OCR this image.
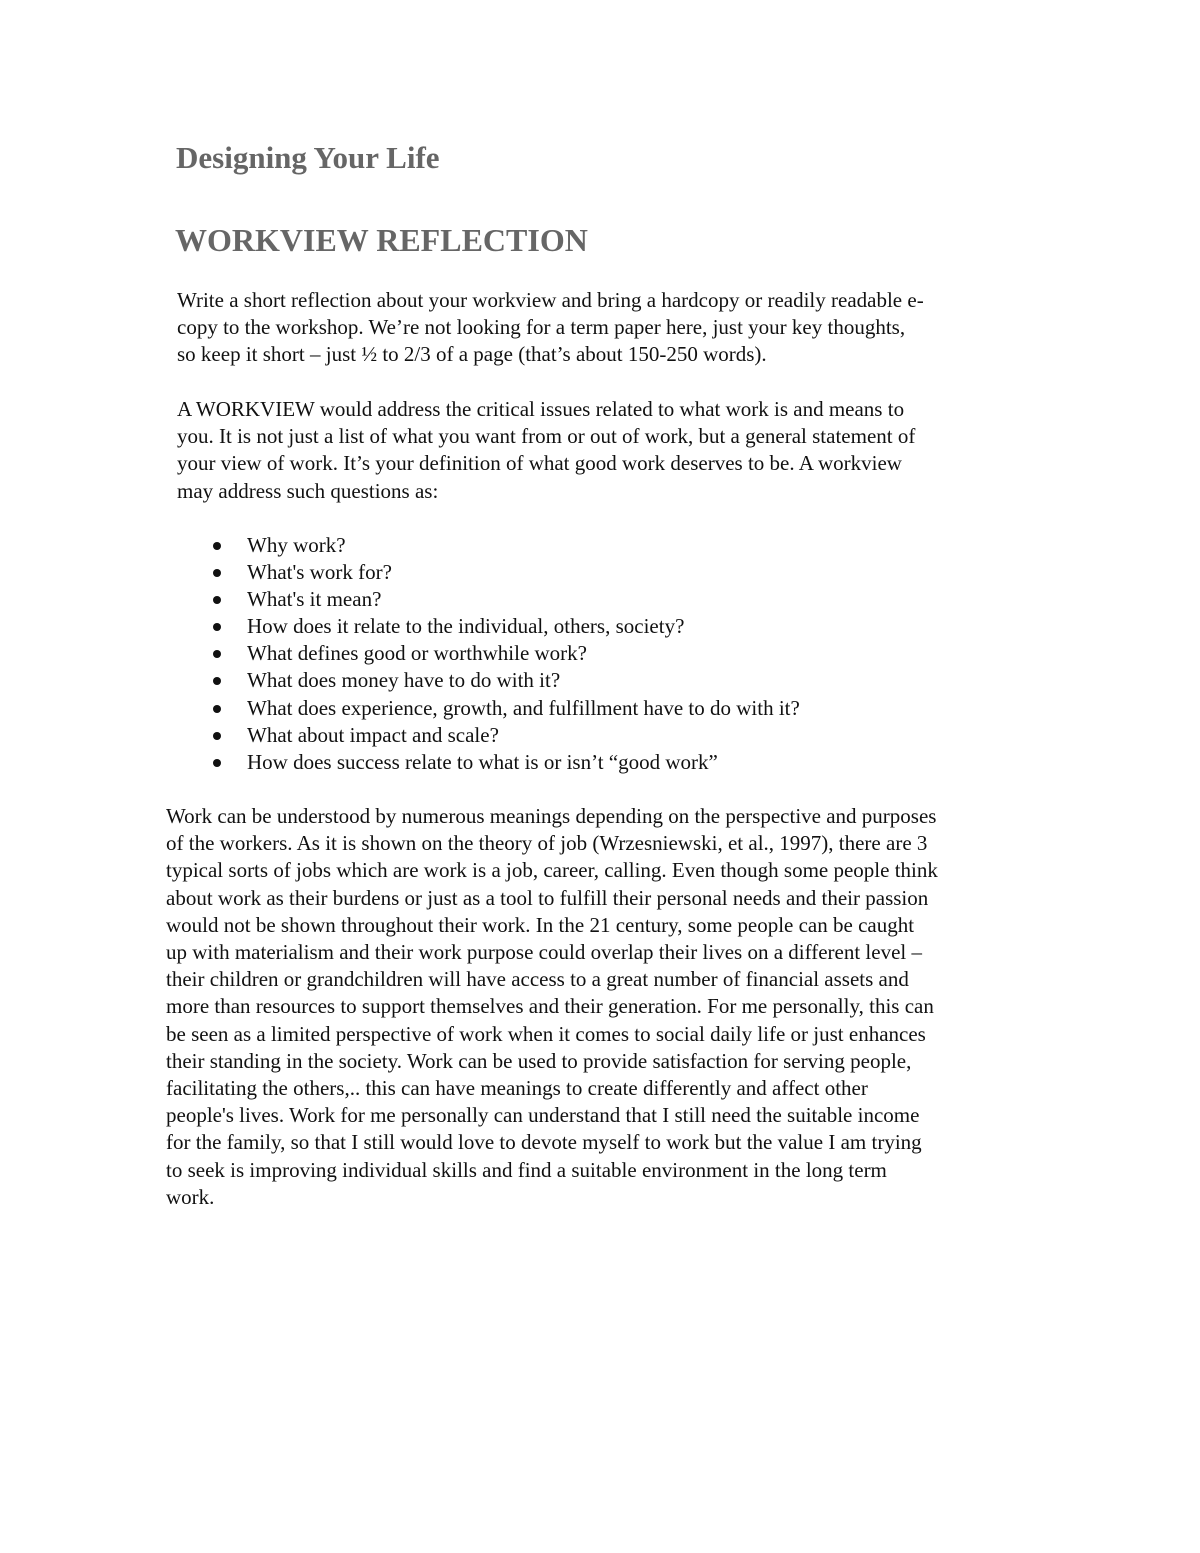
Designing Your Life
WORKVIEW REFLECTION

Write a short reflection about your workview and bring a hardcopy or readily readable e-
copy to the workshop. We’re not looking for a term paper here, just your key thoughts,
so keep it short – just ½ to 2/3 of a page (that’s about 150-250 words).

A WORKVIEW would address the critical issues related to what work is and means to
you. It is not just a list of what you want from or out of work, but a general statement of
your view of work. It’s your definition of what good work deserves to be. A workview
may address such questions as:

Why work?
What's work for?
What's it mean?
How does it relate to the individual, others, society?
What defines good or worthwhile work?
What does money have to do with it?
What does experience, growth, and fulfillment have to do with it?
What about impact and scale?
How does success relate to what is or isn’t “good work”

Work can be understood by numerous meanings depending on the perspective and purposes
of the workers. As it is shown on the theory of job (Wrzesniewski, et al., 1997), there are 3
typical sorts of jobs which are work is a job, career, calling. Even though some people think
about work as their burdens or just as a tool to fulfill their personal needs and their passion
would not be shown throughout their work. In the 21 century, some people can be caught
up with materialism and their work purpose could overlap their lives on a different level –
their children or grandchildren will have access to a great number of financial assets and
more than resources to support themselves and their generation. For me personally, this can
be seen as a limited perspective of work when it comes to social daily life or just enhances
their standing in the society. Work can be used to provide satisfaction for serving people,
facilitating the others,.. this can have meanings to create differently and affect other
people's lives. Work for me personally can understand that I still need the suitable income
for the family, so that I still would love to devote myself to work but the value I am trying
to seek is improving individual skills and find a suitable environment in the long term
work.
